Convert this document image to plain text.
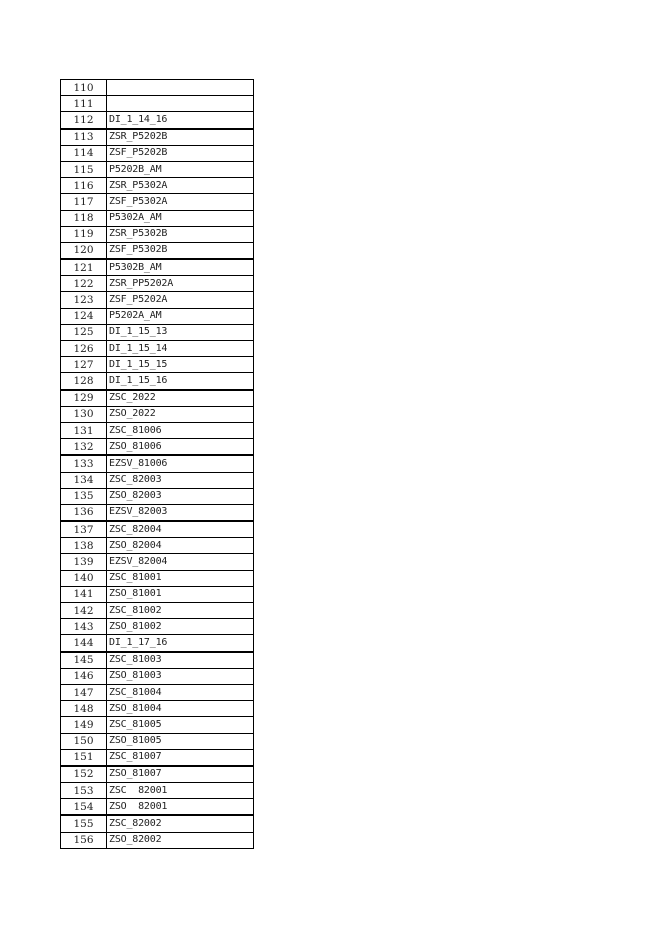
110	
111	
112	DI_1_14_16
113	ZSR_P5202B
114	ZSF_P5202B
115	P5202B_AM
116	ZSR_P5302A
117	ZSF_P5302A
118	P5302A_AM
119	ZSR_P5302B
120	ZSF_P5302B
121	P5302B_AM
122	ZSR_PP5202A
123	ZSF_P5202A
124	P5202A_AM
125	DI_1_15_13
126	DI_1_15_14
127	DI_1_15_15
128	DI_1_15_16
129	ZSC_2022
130	ZSO_2022
131	ZSC_81006
132	ZSO_81006
133	EZSV_81006
134	ZSC_82003
135	ZSO_82003
136	EZSV_82003
137	ZSC_82004
138	ZSO_82004
139	EZSV_82004
140	ZSC_81001
141	ZSO_81001
142	ZSC_81002
143	ZSO_81002
144	DI_1_17_16
145	ZSC_81003
146	ZSO_81003
147	ZSC_81004
148	ZSO_81004
149	ZSC_81005
150	ZSO_81005
151	ZSC_81007
152	ZSO_81007
153	ZSC  82001
154	ZSO  82001
155	ZSC_82002
156	ZSO_82002
